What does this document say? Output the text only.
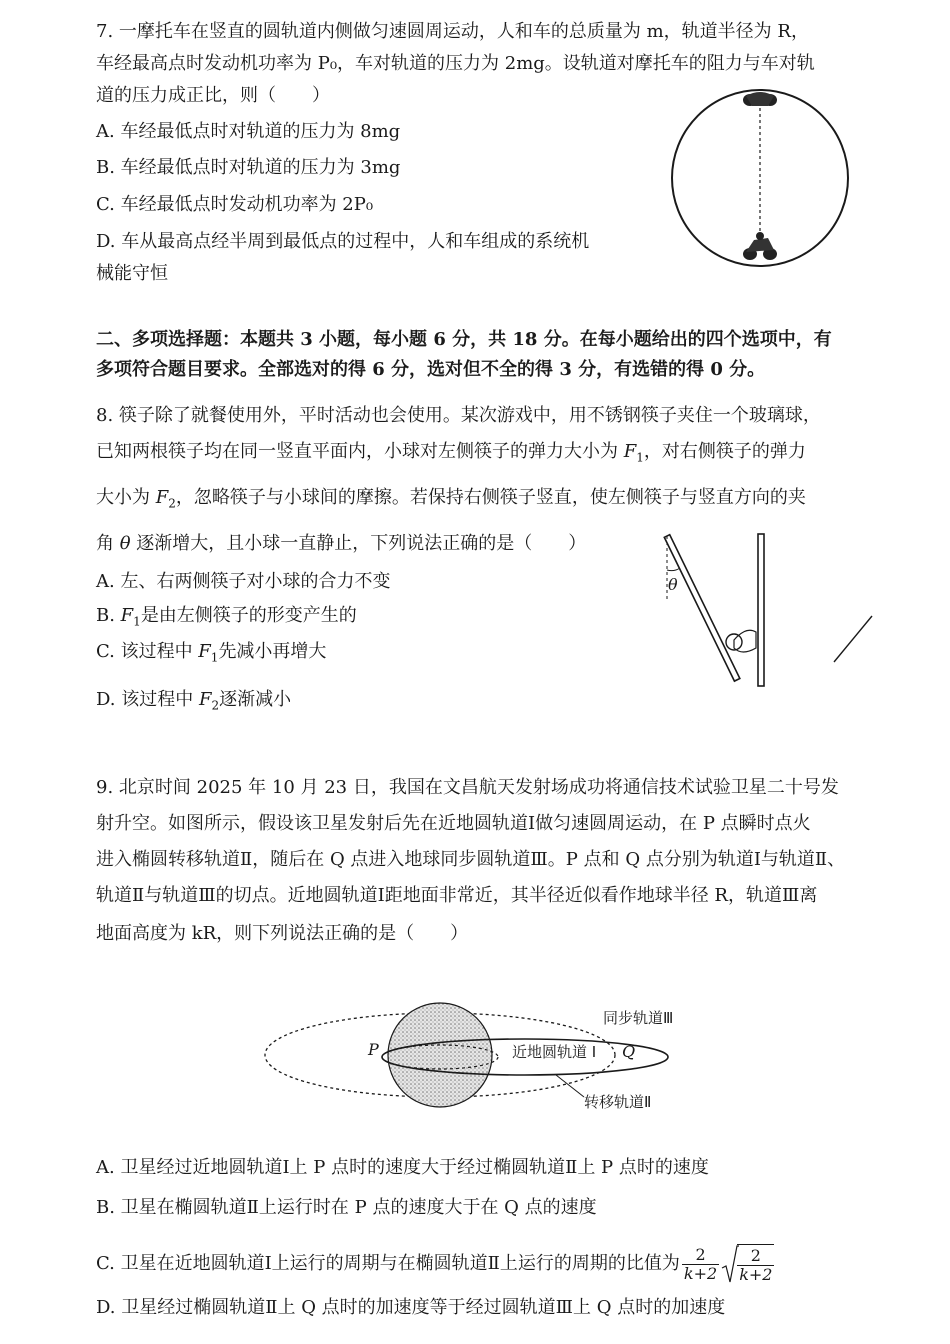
7. 一摩托车在竖直的圆轨道内侧做匀速圆周运动，人和车的总质量为 m，轨道半径为 R，
车经最高点时发动机功率为 P₀，车对轨道的压力为 2mg。设轨道对摩托车的阻力与车对轨
道的压力成正比，则（　　）
A. 车经最低点时对轨道的压力为 8mg
B. 车经最低点时对轨道的压力为 3mg
C. 车经最低点时发动机功率为 2P₀
D. 车从最高点经半周到最低点的过程中，人和车组成的系统机
械能守恒
二、多项选择题：本题共 3 小题，每小题 6 分，共 18 分。在每小题给出的四个选项中，有
多项符合题目要求。全部选对的得 6 分，选对但不全的得 3 分，有选错的得 0 分。
8. 筷子除了就餐使用外，平时活动也会使用。某次游戏中，用不锈钢筷子夹住一个玻璃球，
已知两根筷子均在同一竖直平面内，小球对左侧筷子的弹力大小为 $F_1$，对右侧筷子的弹力
大小为 $F_2$，忽略筷子与小球间的摩擦。若保持右侧筷子竖直，使左侧筷子与竖直方向的夹
角 θ 逐渐增大，且小球一直静止，下列说法正确的是（　　）
A. 左、右两侧筷子对小球的合力不变
B. $F_1$是由左侧筷子的形变产生的
C. 该过程中 $F_1$先减小再增大
D. 该过程中 $F_2$逐渐减小
θ
9. 北京时间 2025 年 10 月 23 日，我国在文昌航天发射场成功将通信技术试验卫星二十号发
射升空。如图所示，假设该卫星发射后先在近地圆轨道Ⅰ做匀速圆周运动，在 P 点瞬时点火
进入椭圆转移轨道Ⅱ，随后在 Q 点进入地球同步圆轨道Ⅲ。P 点和 Q 点分别为轨道Ⅰ与轨道Ⅱ、
轨道Ⅱ与轨道Ⅲ的切点。近地圆轨道Ⅰ距地面非常近，其半径近似看作地球半径 R，轨道Ⅲ离
地面高度为 kR，则下列说法正确的是（　　）
P	Q
同步轨道Ⅲ
近地圆轨道 Ⅰ
转移轨道Ⅱ
A. 卫星经过近地圆轨道Ⅰ上 P 点时的速度大于经过椭圆轨道Ⅱ上 P 点时的速度
B. 卫星在椭圆轨道Ⅱ上运行时在 P 点的速度大于在 Q 点的速度
C. 卫星在近地圆轨道Ⅰ上运行的周期与在椭圆轨道Ⅱ上运行的周期的比值为 $\frac{2}{k+2} \frac{2}{k+2}$
D. 卫星经过椭圆轨道Ⅱ上 Q 点时的加速度等于经过圆轨道Ⅲ上 Q 点时的加速度
